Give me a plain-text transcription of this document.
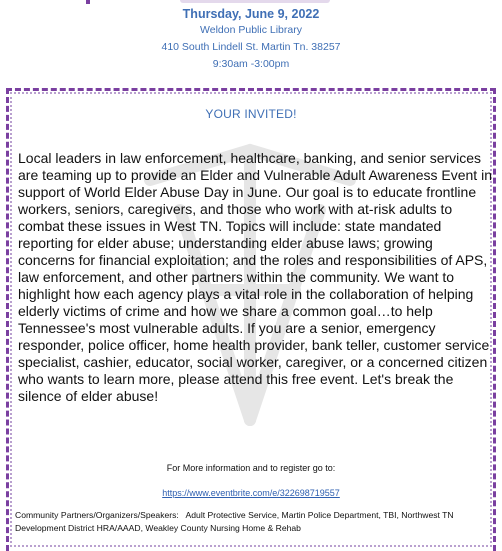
Thursday, June 9, 2022
Weldon Public Library
410 South Lindell St. Martin Tn. 38257
9:30am -3:00pm
YOUR INVITED!

Local leaders in law enforcement, healthcare, banking, and senior services are teaming up to provide an Elder and Vulnerable Adult Awareness Event in support of World Elder Abuse Day in June. Our goal is to educate frontline workers, seniors, caregivers, and those who work with at-risk adults to combat these issues in West TN. Topics will include: state mandated reporting for elder abuse; understanding elder abuse laws; growing concerns for financial exploitation; and the roles and responsibilities of APS, law enforcement, and other partners within the community. We want to highlight how each agency plays a vital role in the collaboration of helping elderly victims of crime and how we share a common goal…to help Tennessee's most vulnerable adults. If you are a senior, emergency responder, police officer, home health provider, bank teller, customer service specialist, cashier, educator, social worker, caregiver, or a concerned citizen who wants to learn more, please attend this free event. Let's break the silence of elder abuse!

For More information and to register go to:
https://www.eventbrite.com/e/322698719557

Community Partners/Organizers/Speakers: Adult Protective Service, Martin Police Department, TBI, Northwest TN Development District HRA/AAAD, Weakley County Nursing Home & Rehab
